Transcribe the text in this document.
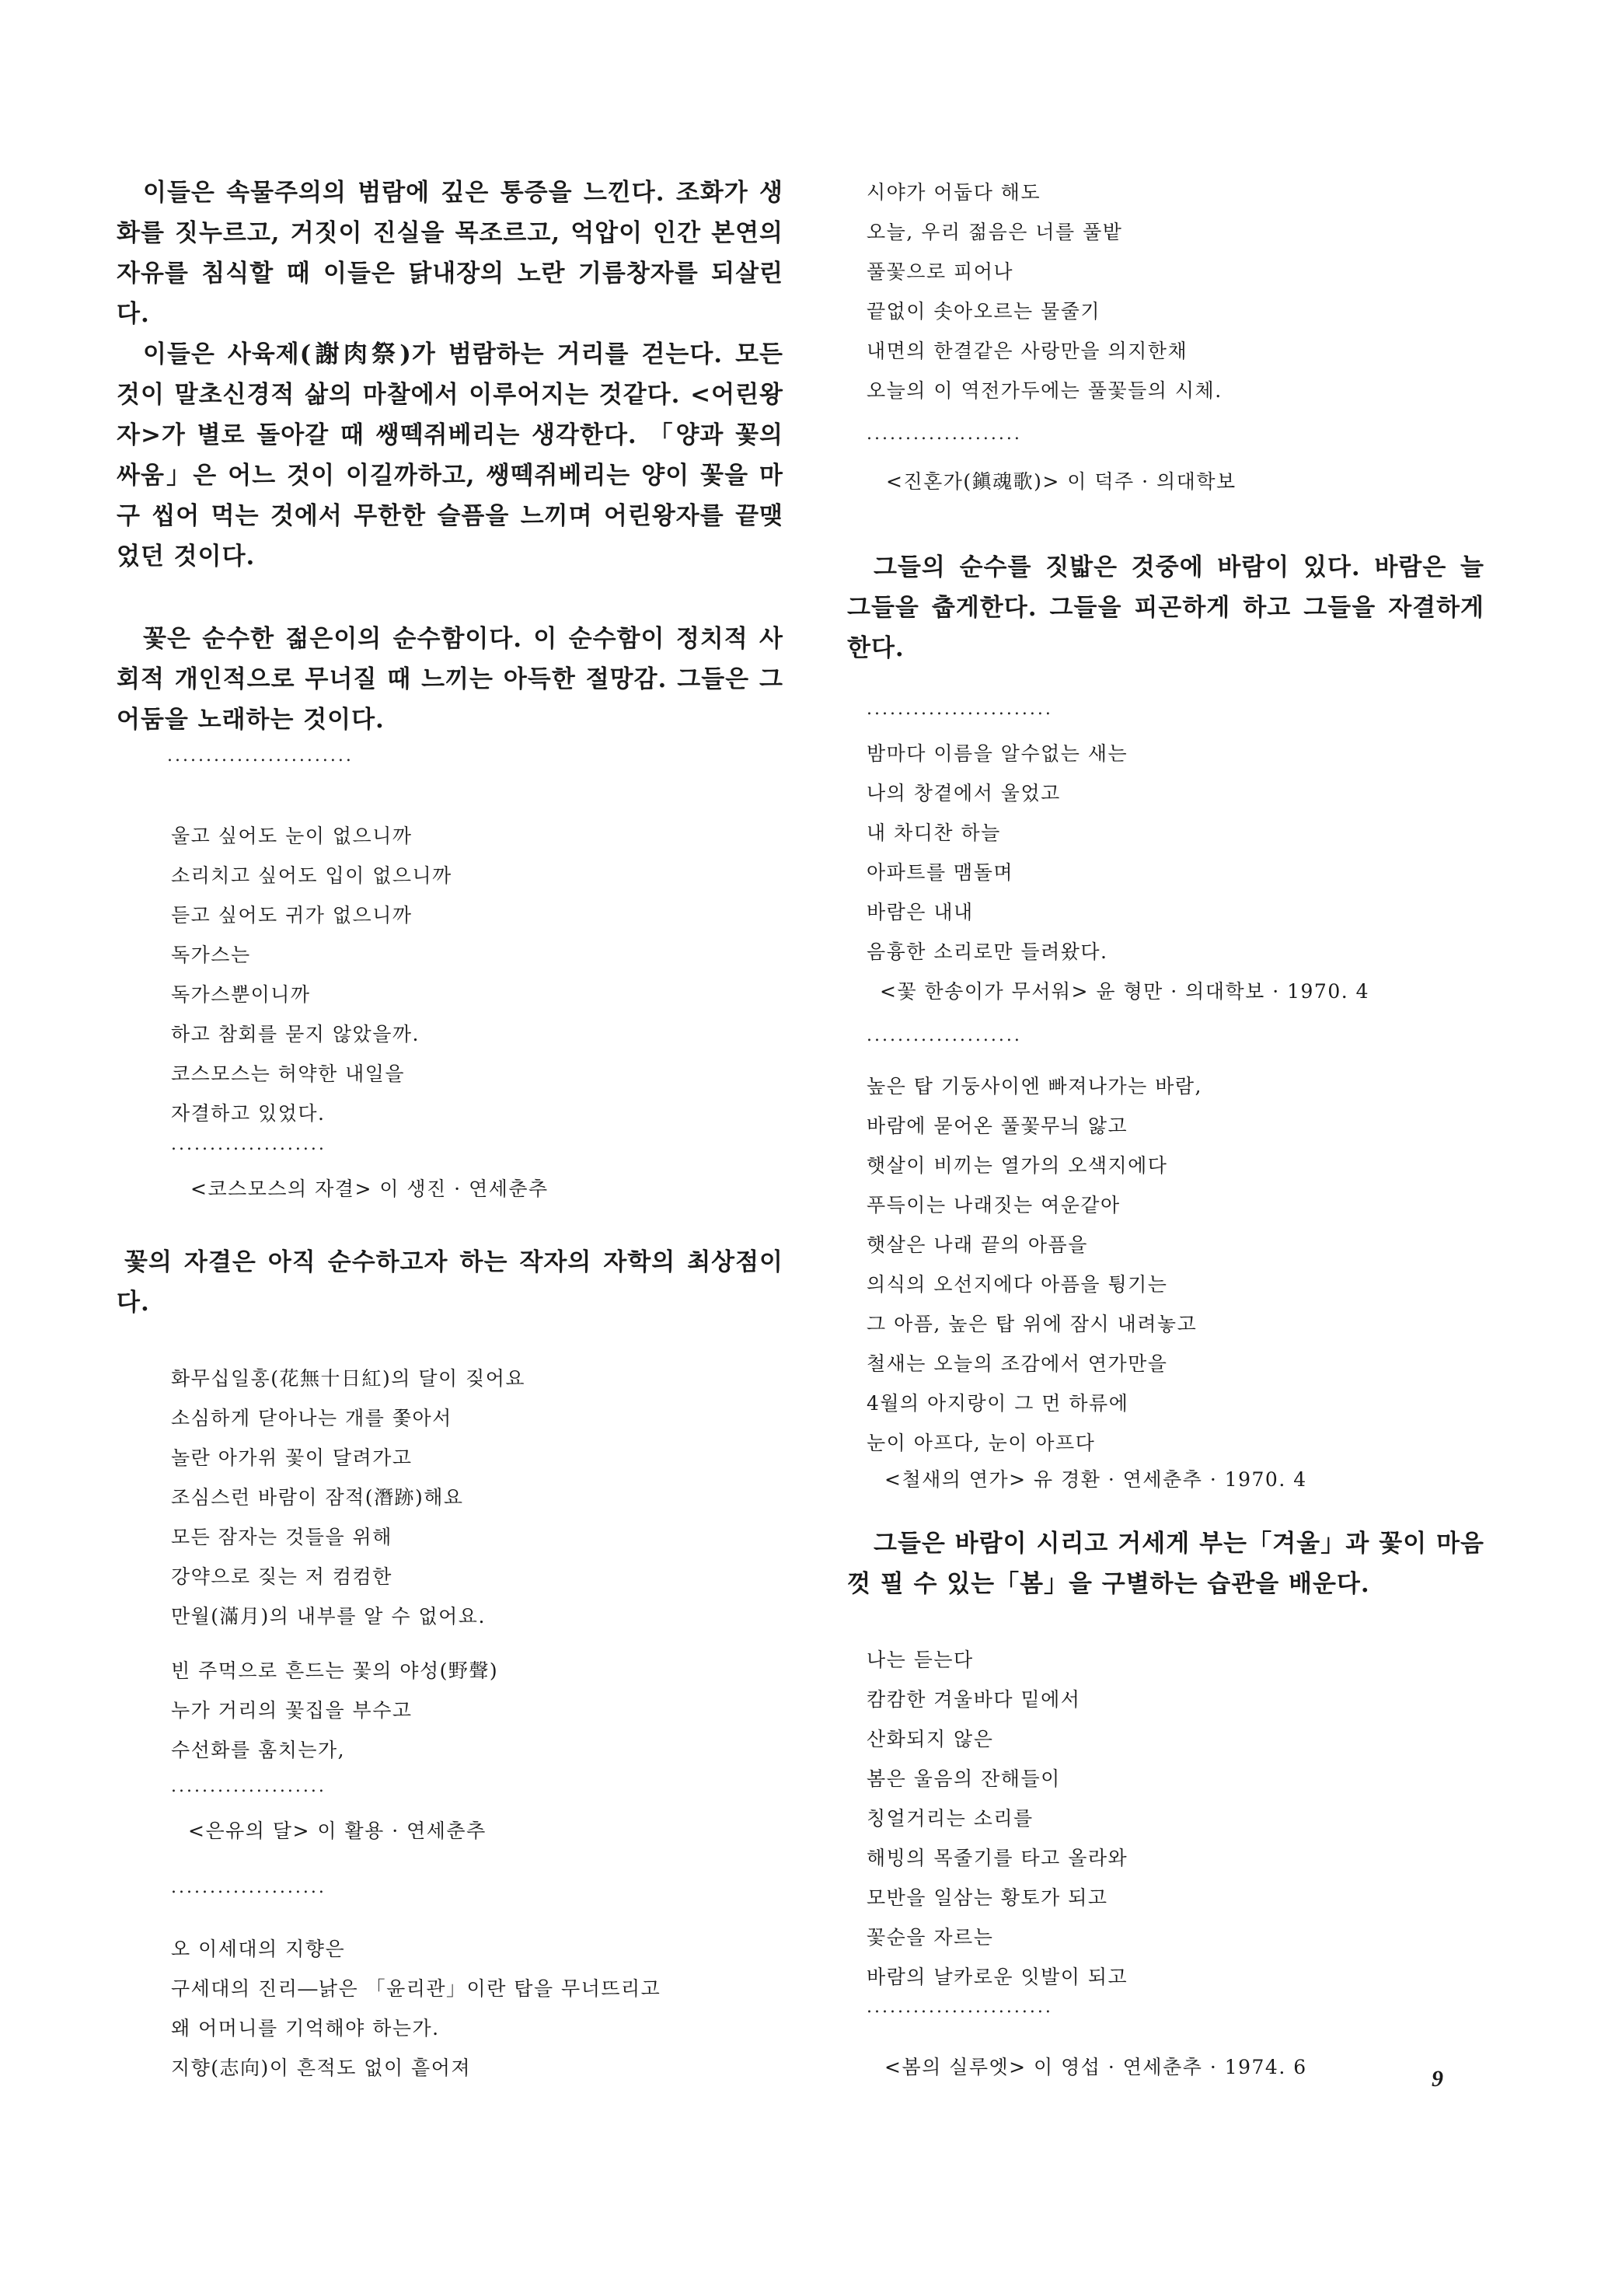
이들은 속물주의의 범람에 깊은 통증을 느낀다. 조화가 생화를 짓누르고, 거짓이 진실을 목조르고, 억압이 인간 본연의 자유를 침식할 때 이들은 닭내장의 노란 기름창자를 되살린다.

이들은 사육제(謝肉祭)가 범람하는 거리를 걷는다. 모든 것이 말초신경적 삶의 마찰에서 이루어지는 것같다. <어린왕자>가 별로 돌아갈 때 쌩떽쥐베리는 생각한다. 「양과 꽃의 싸움」은 어느 것이 이길까하고, 쌩떽쥐베리는 양이 꽃을 마구 씹어 먹는 것에서 무한한 슬픔을 느끼며 어린왕자를 끝맺었던 것이다.

꽃은 순수한 젊은이의 순수함이다. 이 순수함이 정치적 사회적 개인적으로 무너질 때 느끼는 아득한 절망감. 그들은 그 어둠을 노래하는 것이다.

........................
울고 싶어도 눈이 없으니까
소리치고 싶어도 입이 없으니까
듣고 싶어도 귀가 없으니까
독가스는
독가스뿐이니까
하고 참회를 묻지 않았을까.
코스모스는 허약한 내일을
자결하고 있었다.
....................
<코스모스의 자결> 이 생진 · 연세춘추

꽃의 자결은 아직 순수하고자 하는 작자의 자학의 최상점이다.

화무십일홍(花無十日紅)의 달이 짖어요
소심하게 닫아나는 개를 쫓아서
놀란 아가위 꽃이 달려가고
조심스런 바람이 잠적(潛跡)해요
모든 잠자는 것들을 위해
강약으로 짖는 저 컴컴한
만월(滿月)의 내부를 알 수 없어요.
빈 주먹으로 흔드는 꽃의 야성(野聲)
누가 거리의 꽃집을 부수고
수선화를 훔치는가,
....................
<은유의 달> 이 활용 · 연세춘추
....................
오 이세대의 지향은
구세대의 진리―낡은 「윤리관」이란 탑을 무너뜨리고
왜 어머니를 기억해야 하는가.
지향(志向)이 흔적도 없이 흩어져
시야가 어둡다 해도
오늘, 우리 젊음은 너를 풀밭
풀꽃으로 피어나
끝없이 솟아오르는 물줄기
내면의 한결같은 사랑만을 의지한채
오늘의 이 역전가두에는 풀꽃들의 시체.
....................
<진혼가(鎭魂歌)> 이 덕주 · 의대학보

그들의 순수를 짓밟은 것중에 바람이 있다. 바람은 늘 그들을 춥게한다. 그들을 피곤하게 하고 그들을 자결하게 한다.

........................
밤마다 이름을 알수없는 새는
나의 창곁에서 울었고
내 차디찬 하늘
아파트를 맴돌며
바람은 내내
음흉한 소리로만 들려왔다.
<꽃 한송이가 무서워> 윤 형만 · 의대학보 · 1970. 4
....................
높은 탑 기둥사이엔 빠져나가는 바람,
바람에 묻어온 풀꽃무늬 앓고
햇살이 비끼는 열가의 오색지에다
푸득이는 나래짓는 여운같아
햇살은 나래 끝의 아픔을
의식의 오선지에다 아픔을 튕기는
그 아픔, 높은 탑 위에 잠시 내려놓고
철새는 오늘의 조감에서 연가만을
4월의 아지랑이 그 먼 하류에
눈이 아프다, 눈이 아프다
<철새의 연가> 유 경환 · 연세춘추 · 1970. 4

그들은 바람이 시리고 거세게 부는「겨울」과 꽃이 마음껏 필 수 있는「봄」을 구별하는 습관을 배운다.

나는 듣는다
캄캄한 겨울바다 밑에서
산화되지 않은
봄은 울음의 잔해들이
칭얼거리는 소리를
해빙의 목줄기를 타고 올라와
모반을 일삼는 황토가 되고
꽃순을 자르는
바람의 날카로운 잇발이 되고
........................
<봄의 실루엣> 이 영섭 · 연세춘추 · 1974. 6	9
